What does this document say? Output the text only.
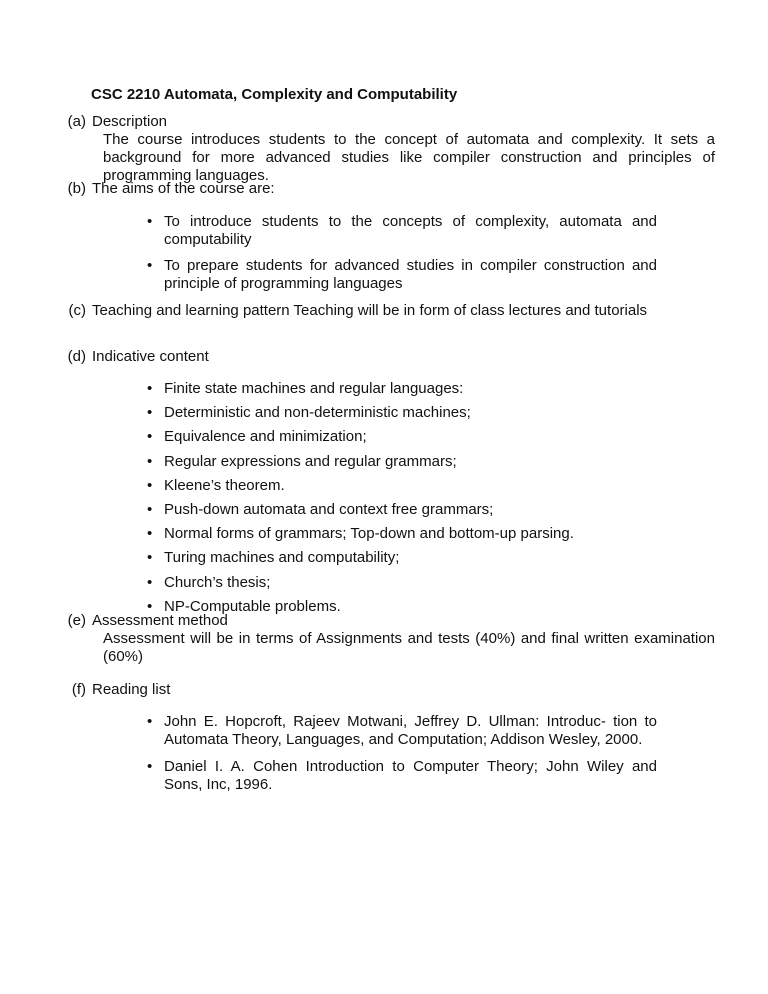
CSC 2210 Automata, Complexity and Computability
(a) Description
The course introduces students to the concept of automata and complexity. It sets a background for more advanced studies like compiler construction and principles of programming languages.
(b) The aims of the course are:
• To introduce students to the concepts of complexity, automata and computability
• To prepare students for advanced studies in compiler construction and principle of programming languages
(c) Teaching and learning pattern Teaching will be in form of class lectures and tutorials
(d) Indicative content
• Finite state machines and regular languages:
• Deterministic and non-deterministic machines;
• Equivalence and minimization;
• Regular expressions and regular grammars;
• Kleene’s theorem.
• Push-down automata and context free grammars;
• Normal forms of grammars; Top-down and bottom-up parsing.
• Turing machines and computability;
• Church’s thesis;
• NP-Computable problems.
(e) Assessment method
Assessment will be in terms of Assignments and tests (40%) and final written examination (60%)
(f) Reading list
• John E. Hopcroft, Rajeev Motwani, Jeffrey D. Ullman: Introduc- tion to Automata Theory, Languages, and Computation; Addison Wesley, 2000.
• Daniel I. A. Cohen Introduction to Computer Theory; John Wiley and Sons, Inc, 1996.
